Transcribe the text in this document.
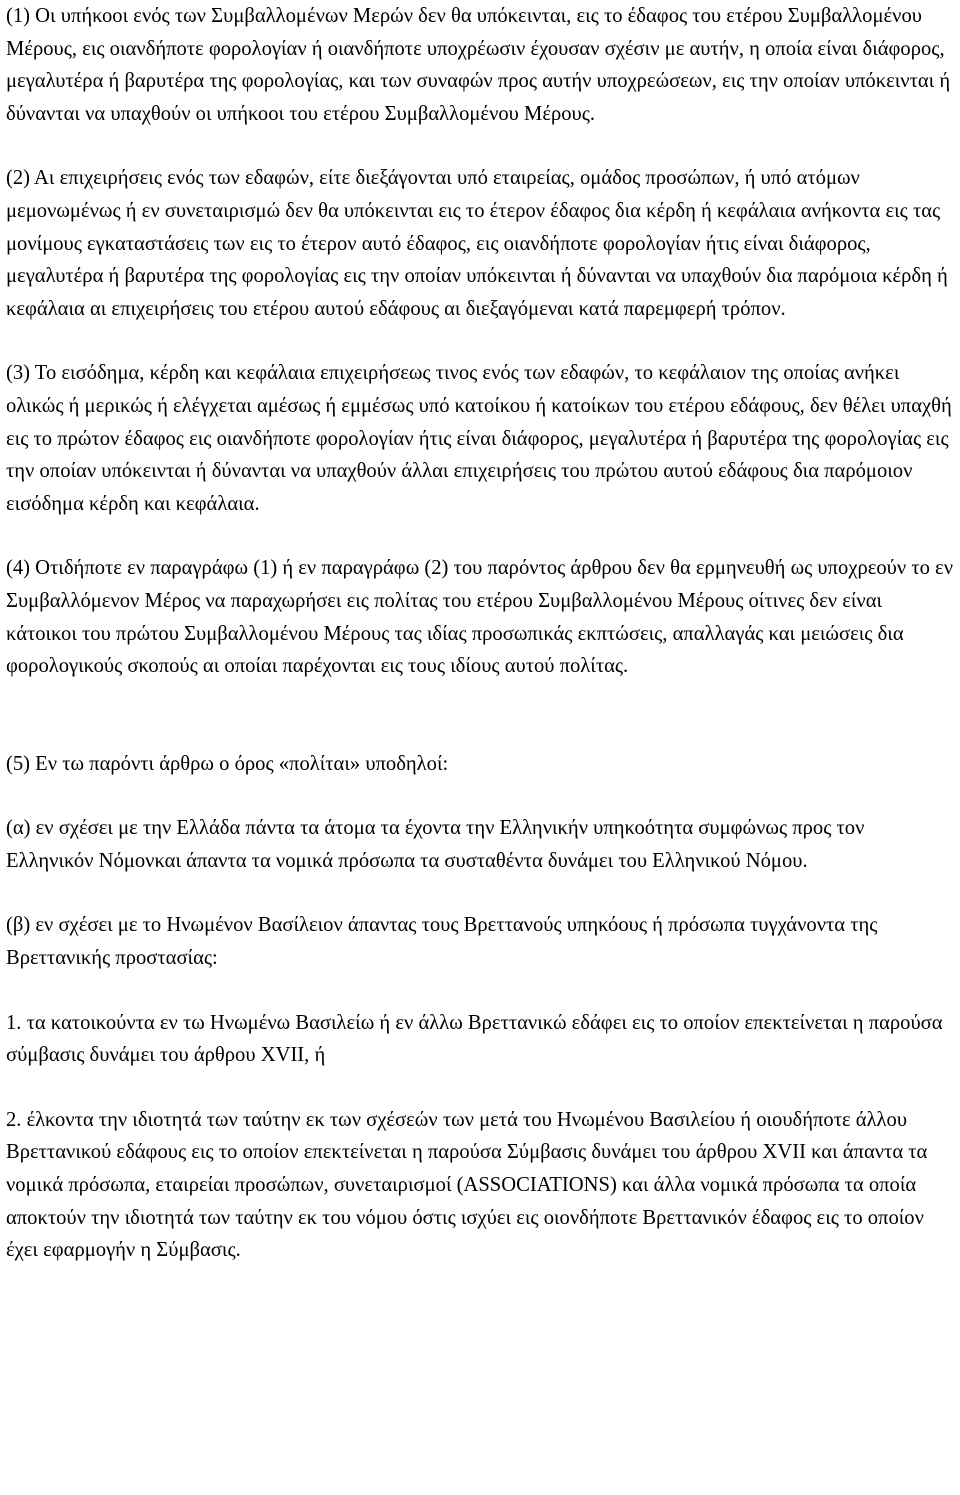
(1) Οι υπήκοοι ενός των Συμβαλλομένων Μερών δεν θα υπόκεινται, εις το έδαφος του ετέρου Συμβαλλομένου Μέρους, εις οιανδήποτε φορολογίαν ή οιανδήποτε υποχρέωσιν έχουσαν σχέσιν με αυτήν, η οποία είναι διάφορος, μεγαλυτέρα ή βαρυτέρα της φορολογίας, και των συναφών προς αυτήν υποχρεώσεων, εις την οποίαν υπόκεινται ή δύνανται να υπαχθούν οι υπήκοοι του ετέρου Συμβαλλομένου Μέρους.

(2) Αι επιχειρήσεις ενός των εδαφών, είτε διεξάγονται υπό εταιρείας, ομάδος προσώπων, ή υπό ατόμων μεμονωμένως ή εν συνεταιρισμώ δεν θα υπόκεινται εις το έτερον έδαφος δια κέρδη ή κεφάλαια ανήκοντα εις τας μονίμους εγκαταστάσεις των εις το έτερον αυτό έδαφος, εις οιανδήποτε φορολογίαν ήτις είναι διάφορος, μεγαλυτέρα ή βαρυτέρα της φορολογίας εις την οποίαν υπόκεινται ή δύνανται να υπαχθούν δια παρόμοια κέρδη ή κεφάλαια αι επιχειρήσεις του ετέρου αυτού εδάφους αι διεξαγόμεναι κατά παρεμφερή τρόπον.

(3) Το εισόδημα, κέρδη και κεφάλαια επιχειρήσεως τινος ενός των εδαφών, το κεφάλαιον της οποίας ανήκει ολικώς ή μερικώς ή ελέγχεται αμέσως ή εμμέσως υπό κατοίκου ή κατοίκων του ετέρου εδάφους, δεν θέλει υπαχθή εις το πρώτον έδαφος εις οιανδήποτε φορολογίαν ήτις είναι διάφορος, μεγαλυτέρα ή βαρυτέρα της φορολογίας εις την οποίαν υπόκεινται ή δύνανται να υπαχθούν άλλαι επιχειρήσεις του πρώτου αυτού εδάφους δια παρόμοιον εισόδημα κέρδη και κεφάλαια.

(4) Οτιδήποτε εν παραγράφω (1) ή εν παραγράφω (2) του παρόντος άρθρου δεν θα ερμηνευθή ως υποχρεούν το εν Συμβαλλόμενον Μέρος να παραχωρήσει εις πολίτας του ετέρου Συμβαλλομένου Μέρους οίτινες δεν είναι κάτοικοι του πρώτου Συμβαλλομένου Μέρους τας ιδίας προσωπικάς εκπτώσεις, απαλλαγάς και μειώσεις δια φορολογικούς σκοπούς αι οποίαι παρέχονται εις τους ιδίους αυτού πολίτας.

(5) Εν τω παρόντι άρθρω ο όρος «πολίται» υποδηλοί:

(α) εν σχέσει με την Ελλάδα πάντα τα άτομα τα έχοντα την Ελληνικήν υπηκοότητα συμφώνως προς τον Ελληνικόν Νόμονκαι άπαντα τα νομικά πρόσωπα τα συσταθέντα δυνάμει του Ελληνικού Νόμου.

(β) εν σχέσει με το Ηνωμένον Βασίλειον άπαντας τους Βρεττανούς υπηκόους ή πρόσωπα τυγχάνοντα της Βρεττανικής προστασίας:

1. τα κατοικούντα εν τω Ηνωμένω Βασιλείω ή εν άλλω Βρεττανικώ εδάφει εις το οποίον επεκτείνεται η παρούσα σύμβασις δυνάμει του άρθρου XVII, ή

2. έλκοντα την ιδιοτητά των ταύτην εκ των σχέσεών των μετά του Ηνωμένου Βασιλείου ή οιουδήποτε άλλου Βρεττανικού εδάφους εις το οποίον επεκτείνεται η παρούσα Σύμβασις δυνάμει του άρθρου XVII και άπαντα τα νομικά πρόσωπα, εταιρείαι προσώπων, συνεταιρισμοί (ASSOCIATIONS) και άλλα νομικά πρόσωπα τα οποία αποκτούν την ιδιοτητά των ταύτην εκ του νόμου όστις ισχύει εις οιονδήποτε Βρεττανικόν έδαφος εις το οποίον έχει εφαρμογήν η Σύμβασις.
